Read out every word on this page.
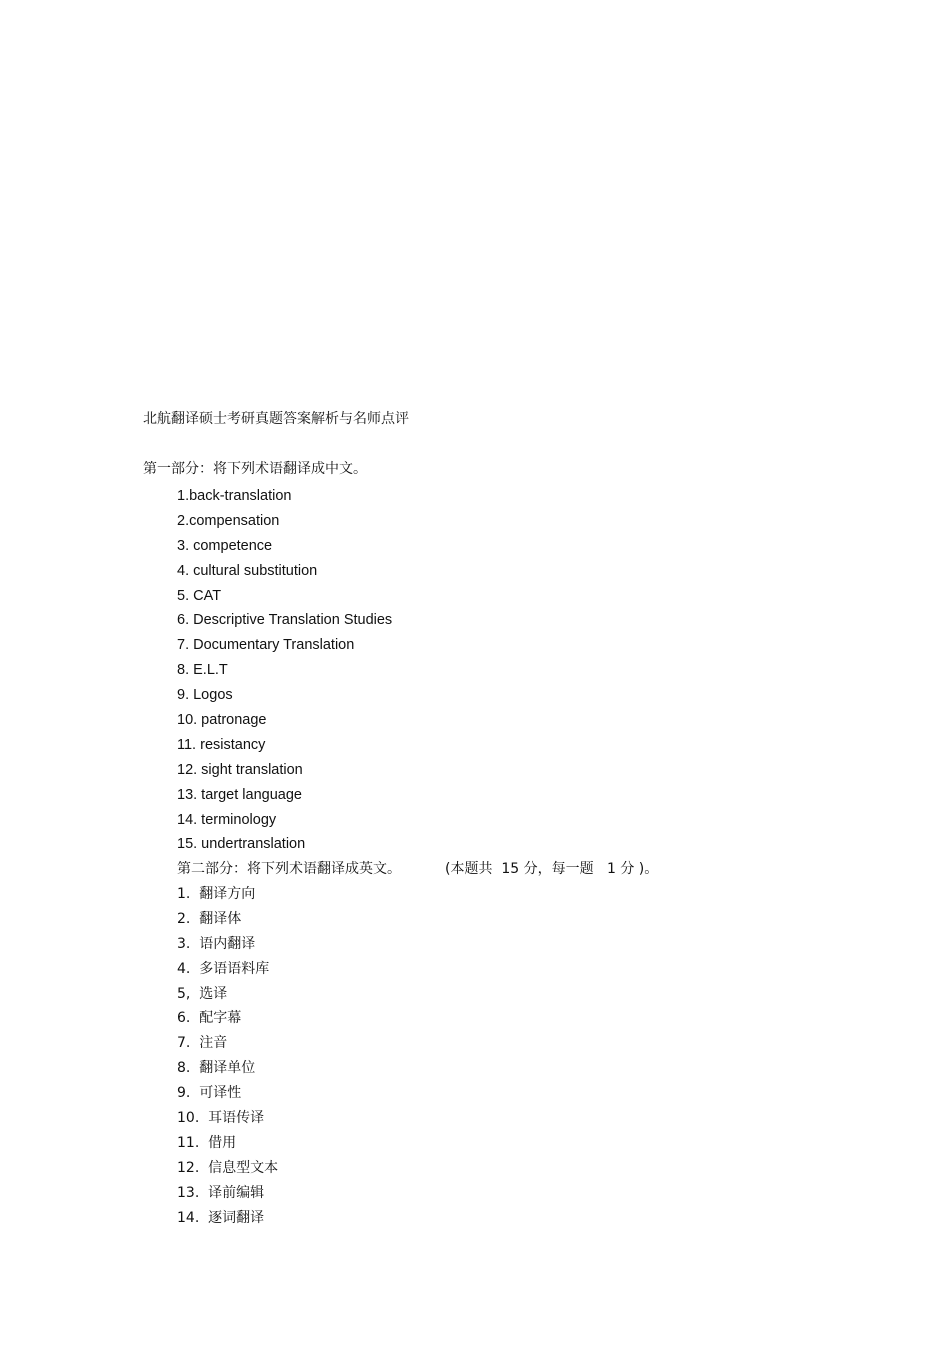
北航翻译硕士考研真题答案解析与名师点评
第一部分：将下列术语翻译成中文。
1.back-translation
2.compensation
3. competence
4. cultural substitution
5. CAT
6. Descriptive Translation Studies
7. Documentary Translation
8. E.L.T
9. Logos
10. patronage
11. resistancy
12. sight translation
13. target language
14. terminology
15. undertranslation
第二部分：将下列术语翻译成英文。	(本题共  15 分，每一题   1 分 )。
1.  翻译方向
2.  翻译体
3.  语内翻译
4.  多语语料库
5,  选译
6.  配字幕
7.  注音
8.  翻译单位
9.  可译性
10.  耳语传译
11.  借用
12.  信息型文本
13.  译前编辑
14.  逐词翻译
